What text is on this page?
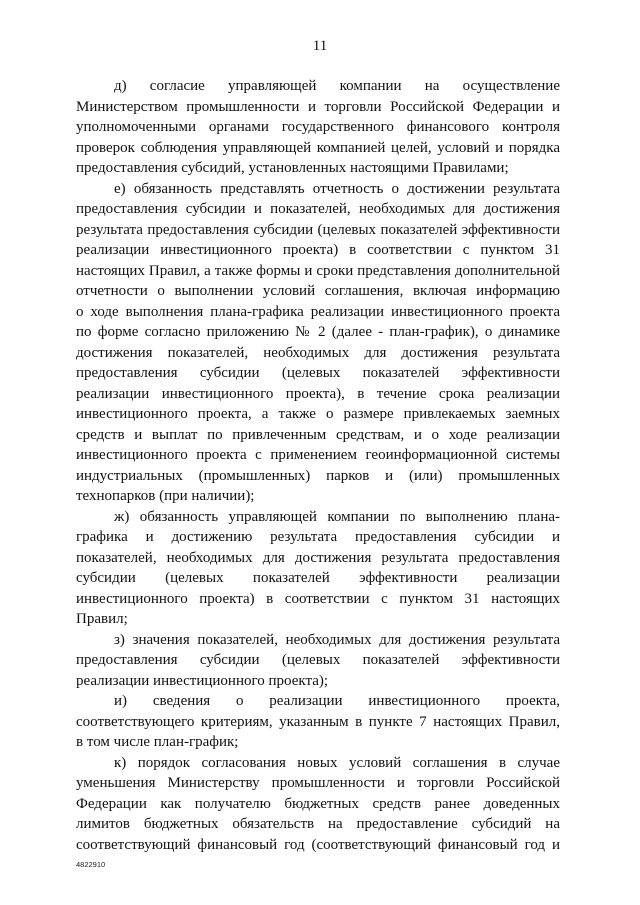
11
д) согласие управляющей компании на осуществление
Министерством промышленности и торговли Российской Федерации и
уполномоченными органами государственного финансового контроля
проверок соблюдения управляющей компанией целей, условий и порядка
предоставления субсидий, установленных настоящими Правилами;
е) обязанность представлять отчетность о достижении результата
предоставления субсидии и показателей, необходимых для достижения
результата предоставления субсидии (целевых показателей эффективности
реализации инвестиционного проекта) в соответствии с пунктом 31
настоящих Правил, а также формы и сроки представления дополнительной
отчетности о выполнении условий соглашения, включая информацию
о ходе выполнения плана-графика реализации инвестиционного проекта
по форме согласно приложению № 2 (далее - план-график), о динамике
достижения показателей, необходимых для достижения результата
предоставления субсидии (целевых показателей эффективности
реализации инвестиционного проекта), в течение срока реализации
инвестиционного проекта, а также о размере привлекаемых заемных
средств и выплат по привлеченным средствам, и о ходе реализации
инвестиционного проекта с применением геоинформационной системы
индустриальных (промышленных) парков и (или) промышленных
технопарков (при наличии);
ж) обязанность управляющей компании по выполнению плана-
графика и достижению результата предоставления субсидии и
показателей, необходимых для достижения результата предоставления
субсидии (целевых показателей эффективности реализации
инвестиционного проекта) в соответствии с пунктом 31 настоящих
Правил;
з) значения показателей, необходимых для достижения результата
предоставления субсидии (целевых показателей эффективности
реализации инвестиционного проекта);
и) сведения о реализации инвестиционного проекта,
соответствующего критериям, указанным в пункте 7 настоящих Правил,
в том числе план-график;
к) порядок согласования новых условий соглашения в случае
уменьшения Министерству промышленности и торговли Российской
Федерации как получателю бюджетных средств ранее доведенных
лимитов бюджетных обязательств на предоставление субсидий на
соответствующий финансовый год (соответствующий финансовый год и
4822910
